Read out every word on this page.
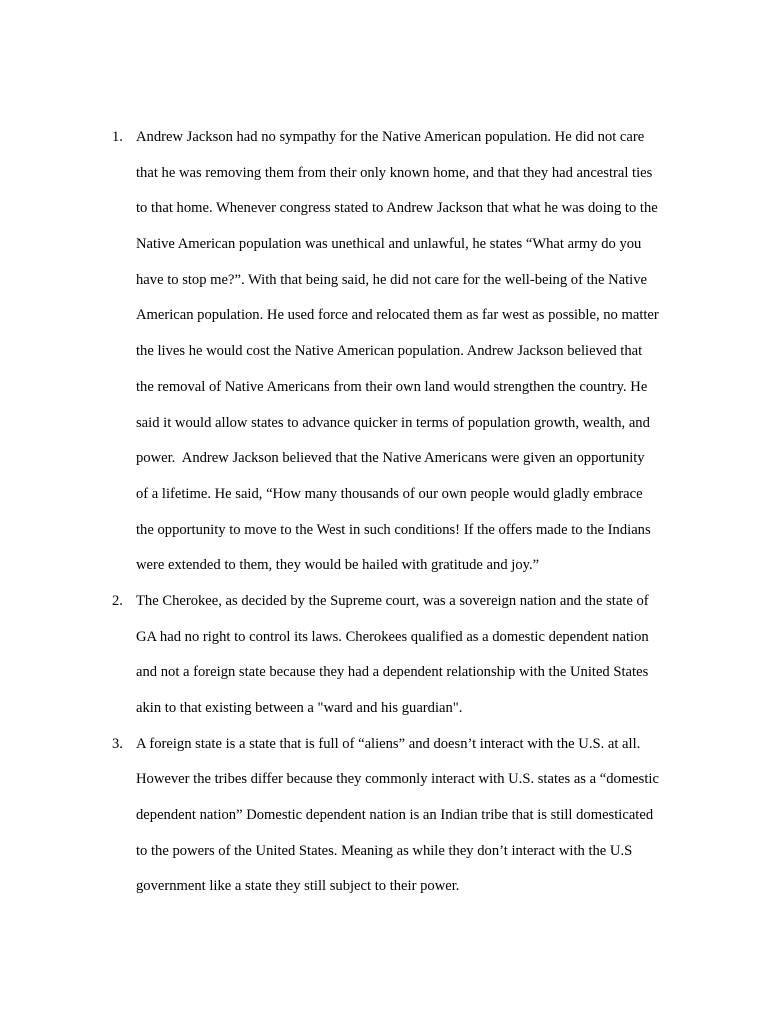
1. Andrew Jackson had no sympathy for the Native American population. He did not care
that he was removing them from their only known home, and that they had ancestral ties
to that home. Whenever congress stated to Andrew Jackson that what he was doing to the
Native American population was unethical and unlawful, he states “What army do you
have to stop me?”. With that being said, he did not care for the well-being of the Native
American population. He used force and relocated them as far west as possible, no matter
the lives he would cost the Native American population. Andrew Jackson believed that
the removal of Native Americans from their own land would strengthen the country. He
said it would allow states to advance quicker in terms of population growth, wealth, and
power.  Andrew Jackson believed that the Native Americans were given an opportunity
of a lifetime. He said, “How many thousands of our own people would gladly embrace
the opportunity to move to the West in such conditions! If the offers made to the Indians
were extended to them, they would be hailed with gratitude and joy.”
2. The Cherokee, as decided by the Supreme court, was a sovereign nation and the state of
GA had no right to control its laws. Cherokees qualified as a domestic dependent nation
and not a foreign state because they had a dependent relationship with the United States
akin to that existing between a "ward and his guardian".
3. A foreign state is a state that is full of “aliens” and doesn’t interact with the U.S. at all.
However the tribes differ because they commonly interact with U.S. states as a “domestic
dependent nation” Domestic dependent nation is an Indian tribe that is still domesticated
to the powers of the United States. Meaning as while they don’t interact with the U.S
government like a state they still subject to their power.
